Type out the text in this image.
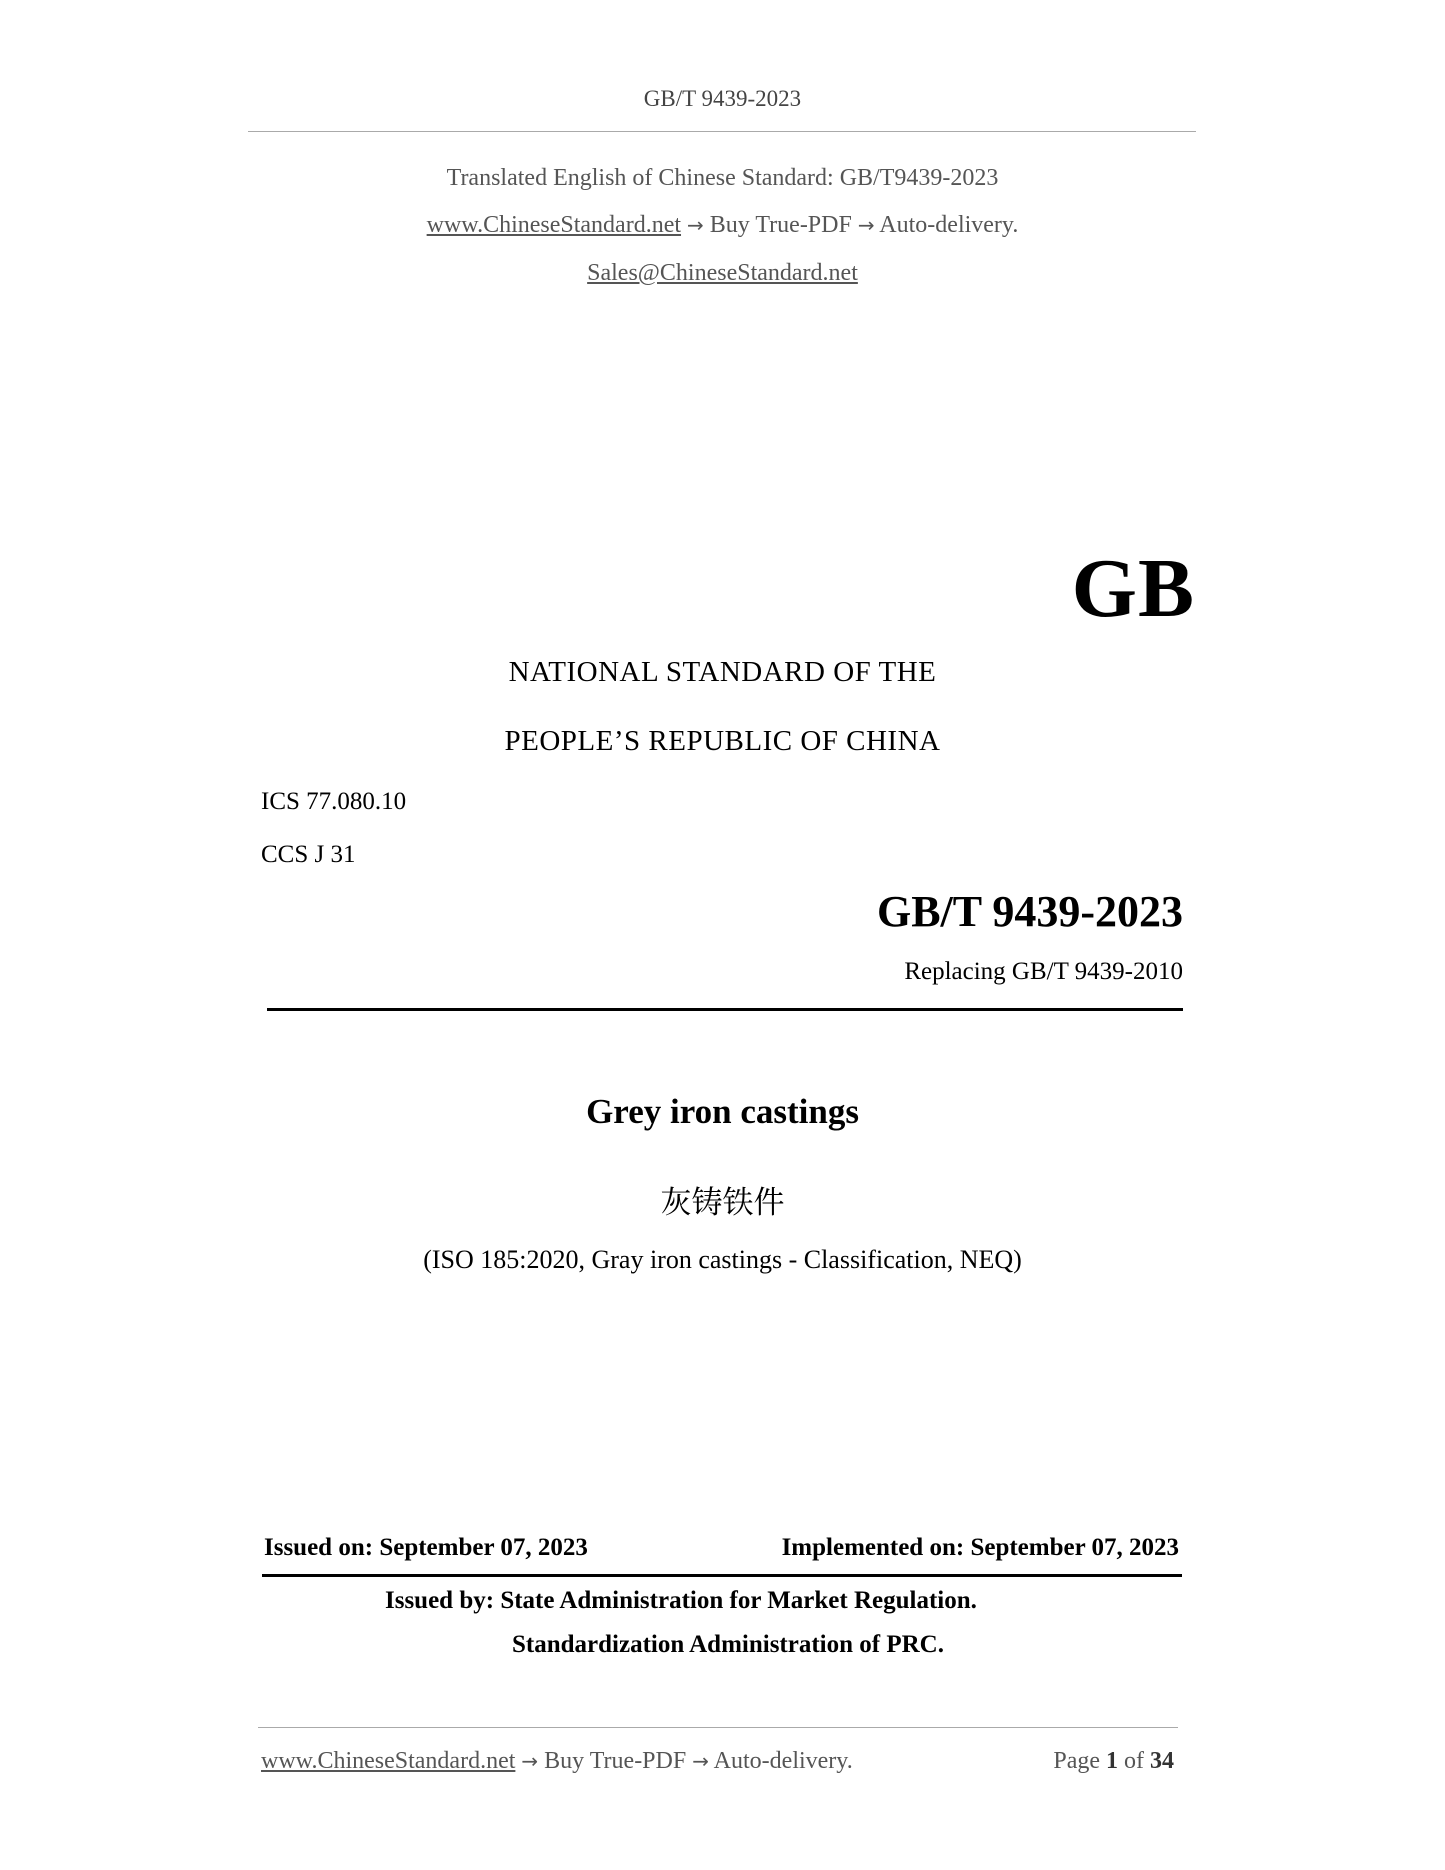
GB/T 9439-2023
Translated English of Chinese Standard: GB/T9439-2023
www.ChineseStandard.net → Buy True-PDF → Auto-delivery.
Sales@ChineseStandard.net
GB
NATIONAL STANDARD OF THE
PEOPLE’S REPUBLIC OF CHINA
ICS 77.080.10
CCS J 31
GB/T 9439-2023
Replacing GB/T 9439-2010
Grey iron castings
灰铸铁件
(ISO 185:2020, Gray iron castings - Classification, NEQ)
Issued on: September 07, 2023	Implemented on: September 07, 2023
Issued by: State Administration for Market Regulation.
Standardization Administration of PRC.
www.ChineseStandard.net → Buy True-PDF → Auto-delivery.	Page 1 of 34
